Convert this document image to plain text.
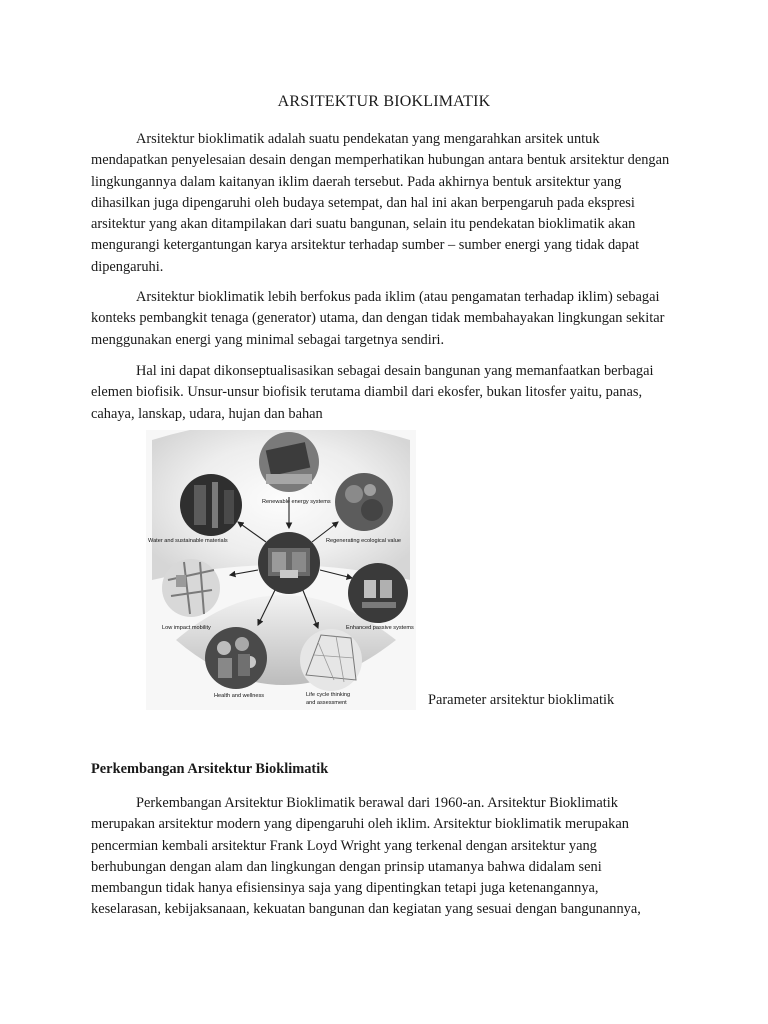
ARSITEKTUR BIOKLIMATIK

Arsitektur bioklimatik adalah suatu pendekatan yang mengarahkan arsitek untuk mendapatkan penyelesaian desain dengan memperhatikan hubungan antara bentuk arsitektur dengan lingkungannya dalam kaitanyan iklim daerah tersebut. Pada akhirnya bentuk arsitektur yang dihasilkan juga dipengaruhi oleh budaya setempat, dan hal ini akan berpengaruh pada ekspresi arsitektur yang akan ditampilakan dari suatu bangunan, selain itu pendekatan bioklimatik akan mengurangi ketergantungan karya arsitektur terhadap sumber – sumber energi yang tidak dapat dipengaruhi.

Arsitektur bioklimatik lebih berfokus pada iklim (atau pengamatan terhadap iklim) sebagai konteks pembangkit tenaga (generator) utama, dan dengan tidak membahayakan lingkungan sekitar menggunakan energi yang minimal sebagai targetnya sendiri.

Hal ini dapat dikonseptualisasikan sebagai desain bangunan yang memanfaatkan berbagai elemen biofisik. Unsur-unsur biofisik terutama diambil dari ekosfer, bukan litosfer yaitu, panas, cahaya, lanskap, udara, hujan dan bahan

Renewable energy systems
Water and sustainable materials	Regenerating ecological value
Low impact mobility	Enhanced passive systems
Health and wellness	Life cycle thinking
and assessment	Parameter arsitektur bioklimatik
Perkembangan Arsitektur Bioklimatik

Perkembangan Arsitektur Bioklimatik berawal dari 1960-an. Arsitektur Bioklimatik merupakan arsitektur modern yang dipengaruhi oleh iklim. Arsitektur bioklimatik merupakan pencermian kembali arsitektur Frank Loyd Wright yang terkenal dengan arsitektur yang berhubungan dengan alam dan lingkungan dengan prinsip utamanya bahwa didalam seni membangun tidak hanya efisiensinya saja yang dipentingkan tetapi juga ketenangannya, keselarasan, kebijaksanaan, kekuatan bangunan dan kegiatan yang sesuai dengan bangunannya,
